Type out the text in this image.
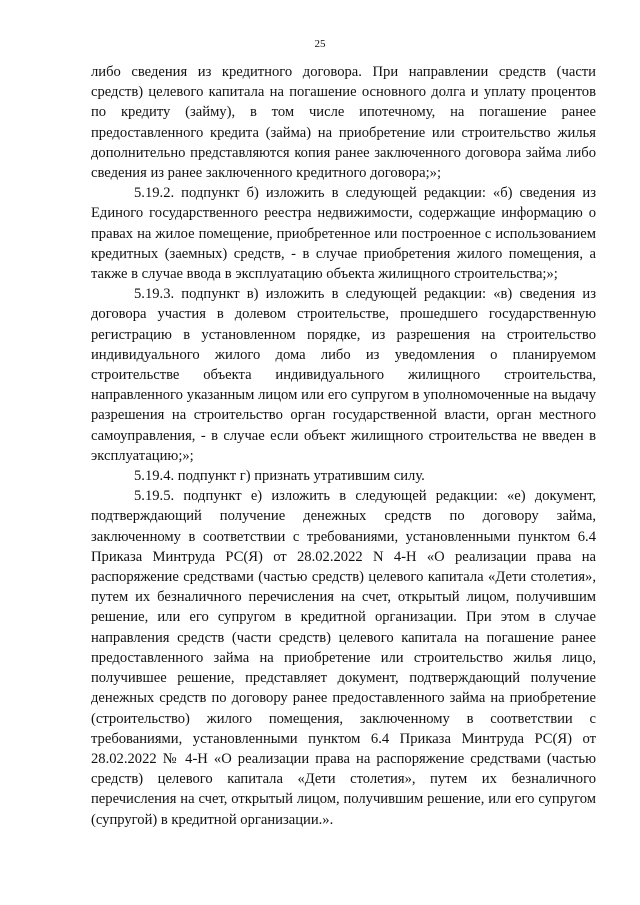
25

либо сведения из кредитного договора. При направлении средств (части средств) целевого капитала на погашение основного долга и уплату процентов по кредиту (займу), в том числе ипотечному, на погашение ранее предоставленного кредита (займа) на приобретение или строительство жилья дополнительно представляются копия ранее заключенного договора займа либо сведения из ранее заключенного кредитного договора;»;

5.19.2. подпункт б) изложить в следующей редакции: «б) сведения из Единого государственного реестра недвижимости, содержащие информацию о правах на жилое помещение, приобретенное или построенное с использованием кредитных (заемных) средств, - в случае приобретения жилого помещения, а также в случае ввода в эксплуатацию объекта жилищного строительства;»;

5.19.3. подпункт в) изложить в следующей редакции: «в) сведения из договора участия в долевом строительстве, прошедшего государственную регистрацию в установленном порядке, из разрешения на строительство индивидуального жилого дома либо из уведомления о планируемом строительстве объекта индивидуального жилищного строительства, направленного указанным лицом или его супругом в уполномоченные на выдачу разрешения на строительство орган государственной власти, орган местного самоуправления, - в случае если объект жилищного строительства не введен в эксплуатацию;»;

5.19.4. подпункт г) признать утратившим силу.

5.19.5. подпункт е) изложить в следующей редакции: «е) документ, подтверждающий получение денежных средств по договору займа, заключенному в соответствии с требованиями, установленными пунктом 6.4 Приказа Минтруда РС(Я) от 28.02.2022 N 4-Н «О реализации права на распоряжение средствами (частью средств) целевого капитала «Дети столетия», путем их безналичного перечисления на счет, открытый лицом, получившим решение, или его супругом в кредитной организации. При этом в случае направления средств (части средств) целевого капитала на погашение ранее предоставленного займа на приобретение или строительство жилья лицо, получившее решение, представляет документ, подтверждающий получение денежных средств по договору ранее предоставленного займа на приобретение (строительство) жилого помещения, заключенному в соответствии с требованиями, установленными пунктом 6.4 Приказа Минтруда РС(Я) от 28.02.2022 № 4-Н «О реализации права на распоряжение средствами (частью средств) целевого капитала «Дети столетия», путем их безналичного перечисления на счет, открытый лицом, получившим решение, или его супругом (супругой) в кредитной организации.».
